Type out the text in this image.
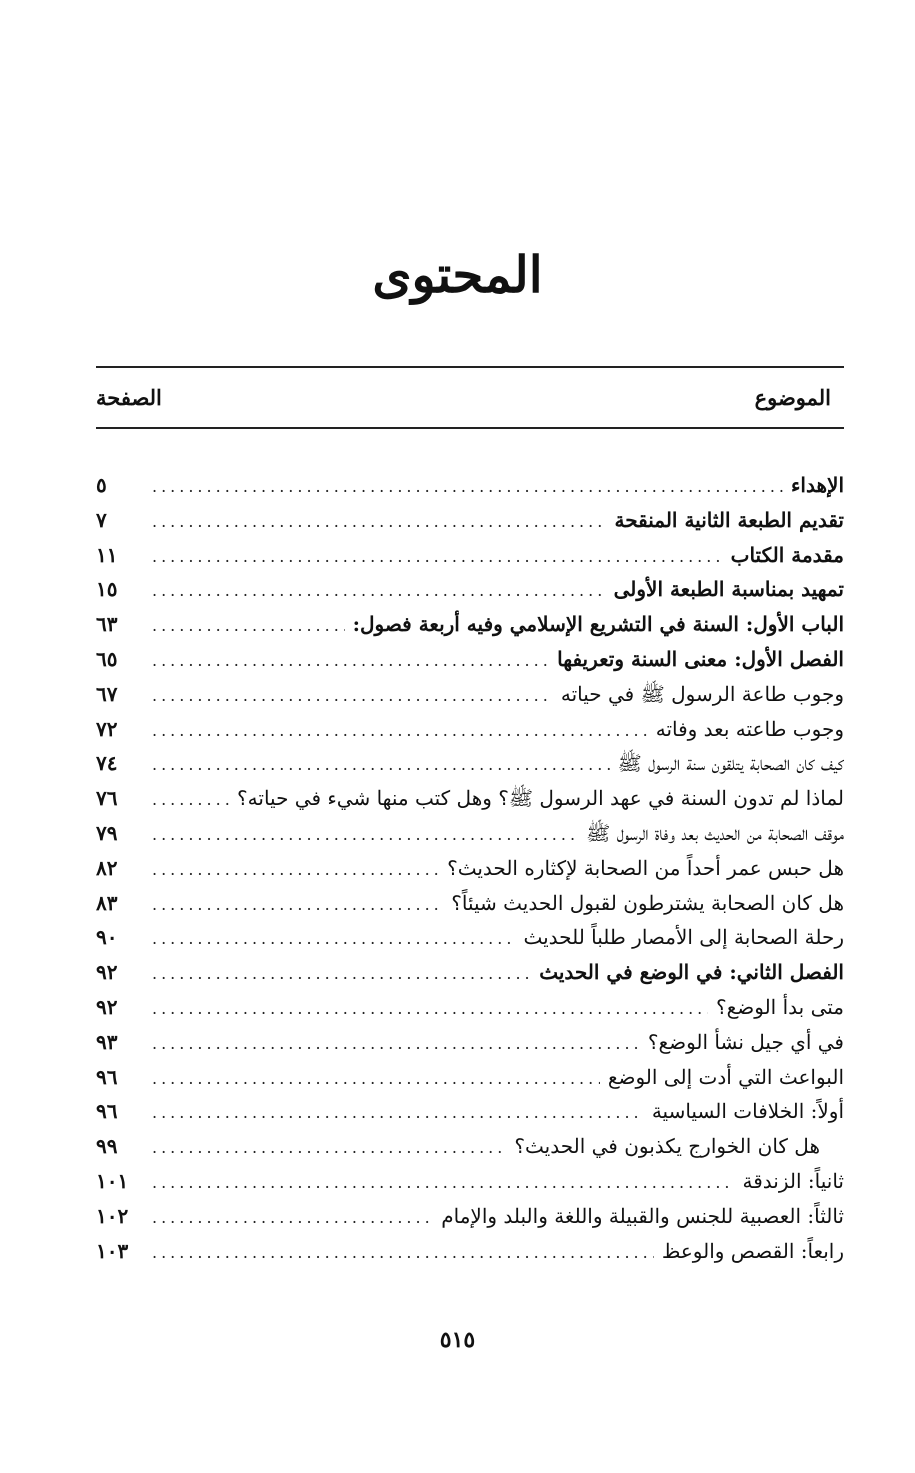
المحتوى
الموضوع
الصفحة
الإهداء
.....
٥
تقديم الطبعة الثانية المنقحة
.....
٧
مقدمة الكتاب
.....
١١
تمهيد بمناسبة الطبعة الأولى
.....
١٥
الباب الأول: السنة في التشريع الإسلامي وفيه أربعة فصول:
.....
٦٣
الفصل الأول: معنى السنة وتعريفها
.....
٦٥
وجوب طاعة الرسول ﷺ في حياته
.....
٦٧
وجوب طاعته بعد وفاته
.....
٧٢
كيف كان الصحابة يتلقون سنة الرسول ﷺ
.....
٧٤
لماذا لم تدون السنة في عهد الرسول ﷺ؟ وهل كتب منها شيء في حياته؟
.....
٧٦
موقف الصحابة من الحديث بعد وفاة الرسول ﷺ
.....
٧٩
هل حبس عمر أحداً من الصحابة لإكثاره الحديث؟
.....
٨٢
هل كان الصحابة يشترطون لقبول الحديث شيئاً؟
.....
٨٣
رحلة الصحابة إلى الأمصار طلباً للحديث
.....
٩٠
الفصل الثاني: في الوضع في الحديث
.....
٩٢
متى بدأ الوضع؟
.....
٩٢
في أي جيل نشأ الوضع؟
.....
٩٣
البواعث التي أدت إلى الوضع
.....
٩٦
أولاً: الخلافات السياسية
.....
٩٦
هل كان الخوارج يكذبون في الحديث؟
.....
٩٩
ثانياً: الزندقة
.....
١٠١
ثالثاً: العصبية للجنس والقبيلة واللغة والبلد والإمام
.....
١٠٢
رابعاً: القصص والوعظ
.....
١٠٣
٥١٥
